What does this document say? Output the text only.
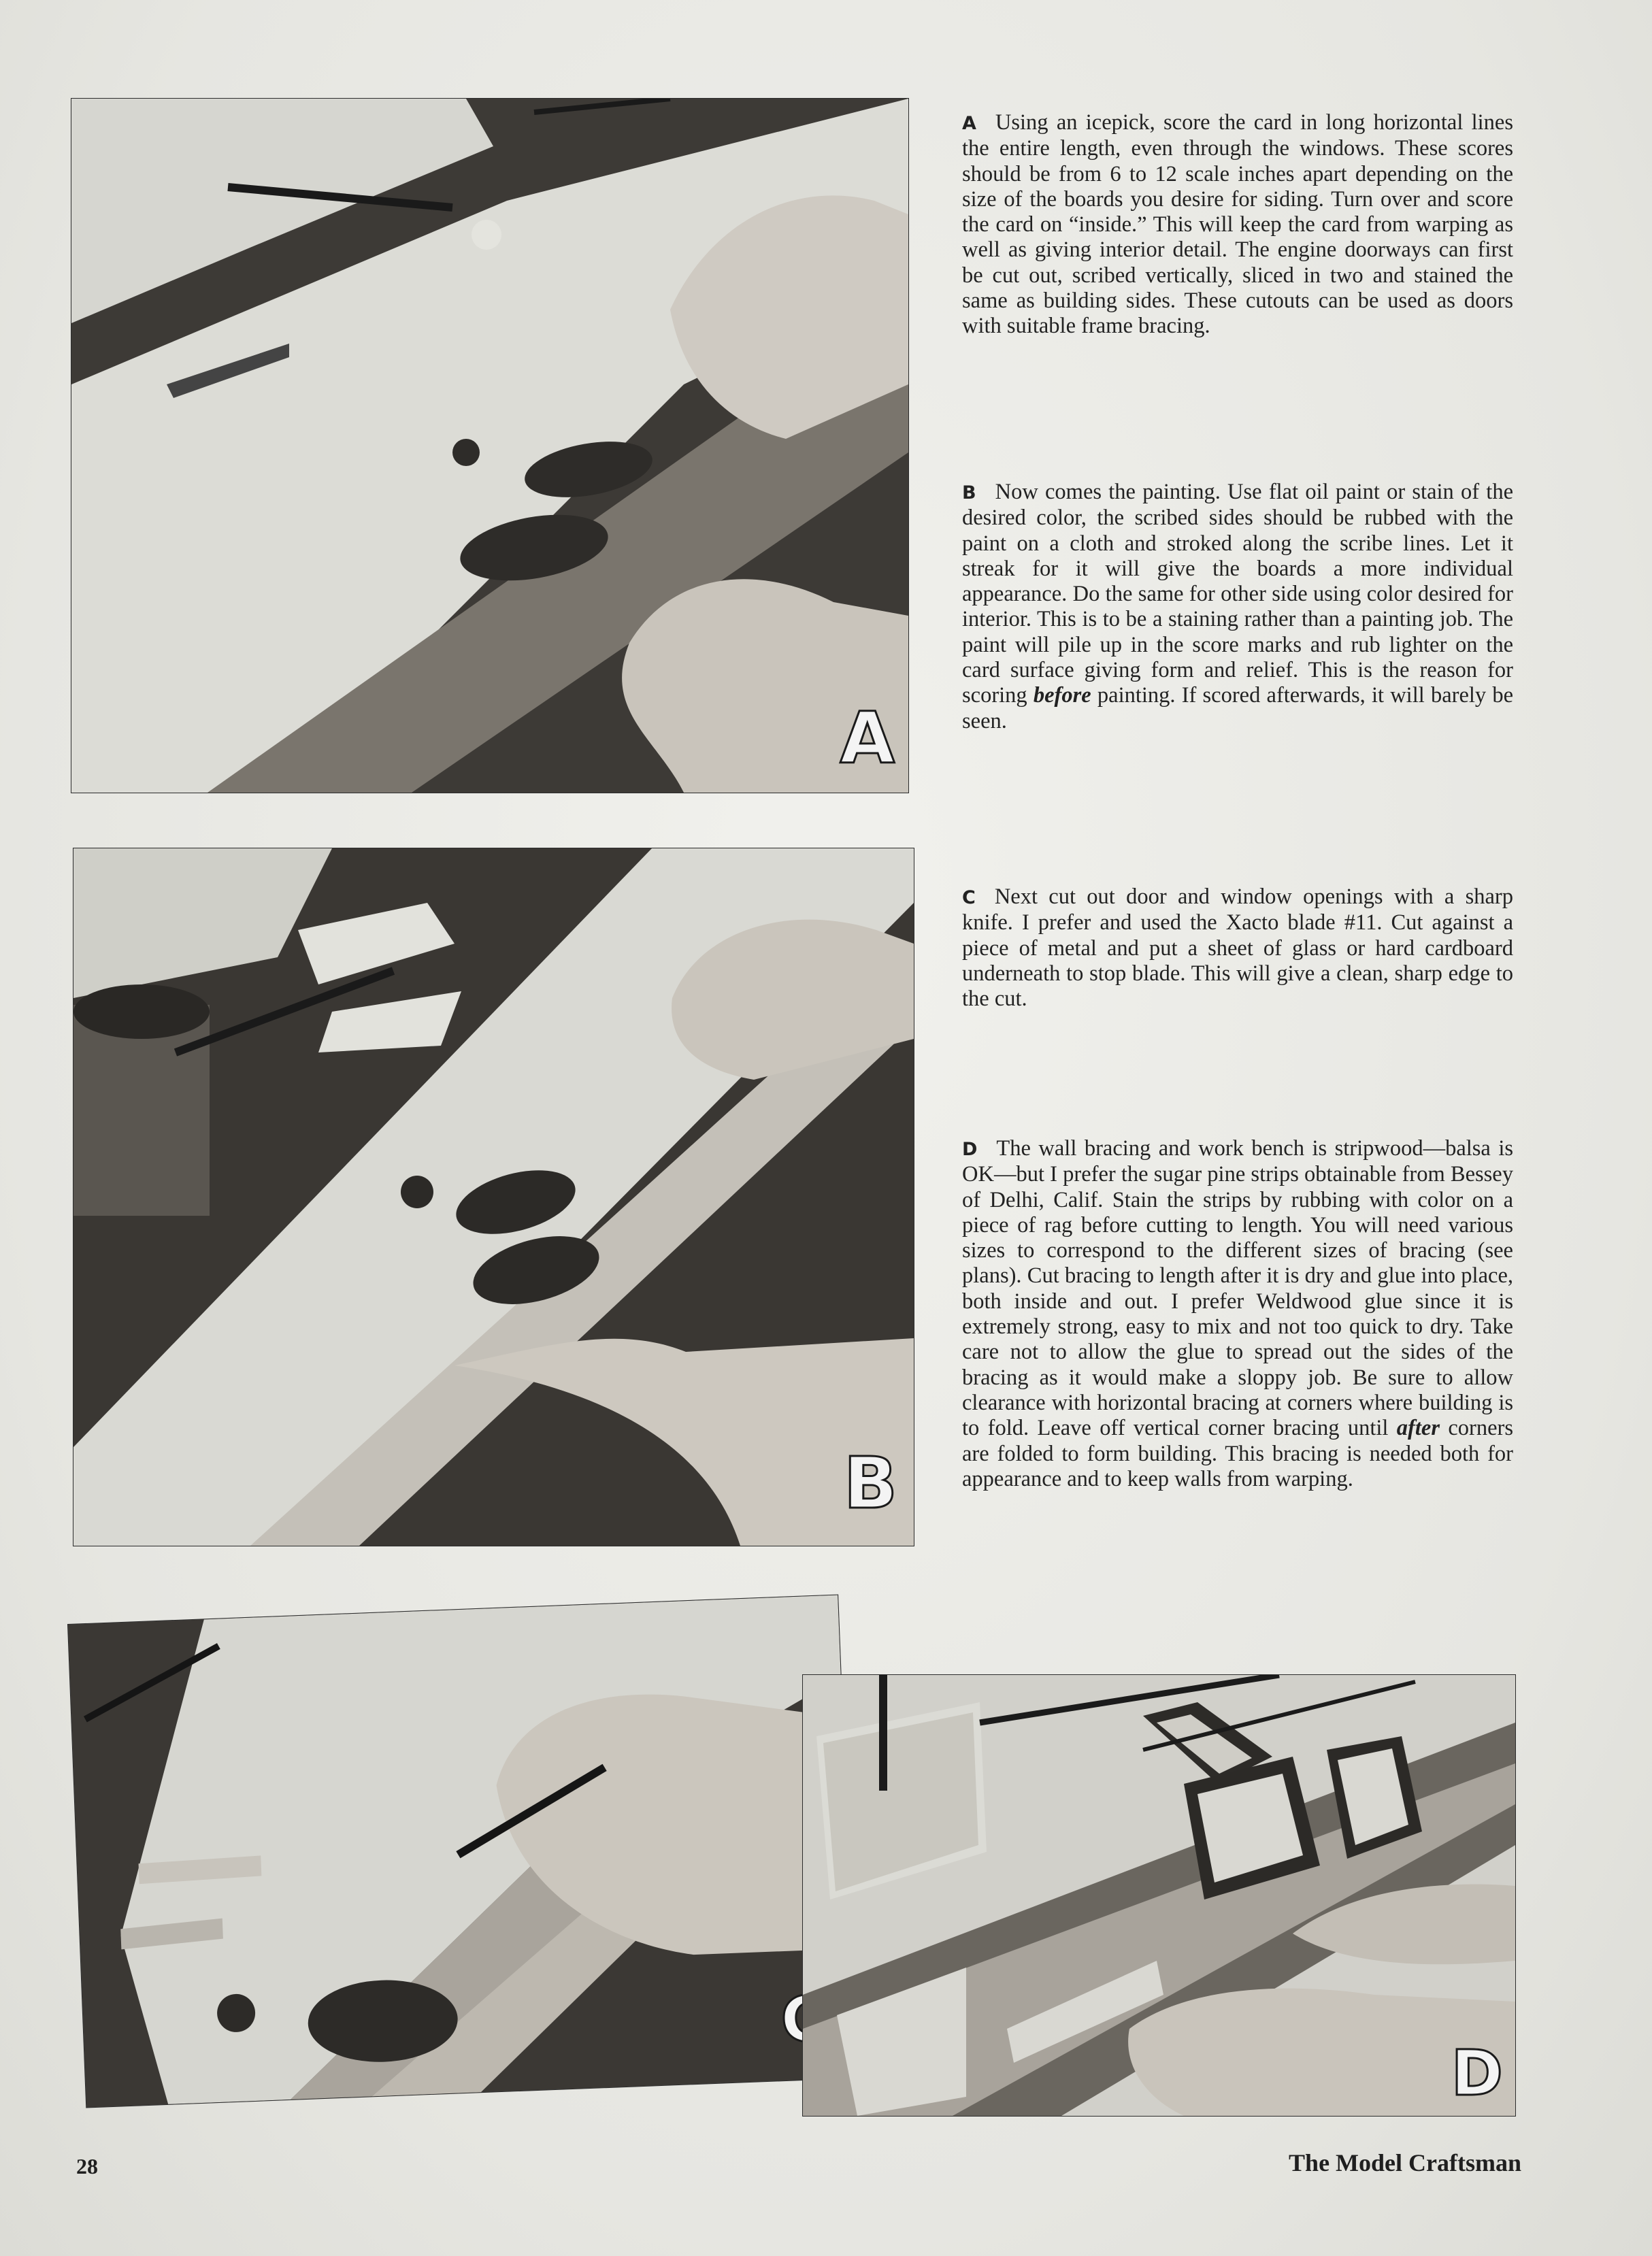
A
B
D
A Using an icepick, score the card in long horizontal lines the entire length, even through the windows. These scores should be from 6 to 12 scale inches apart depending on the size of the boards you desire for siding. Turn over and score the card on “inside.” This will keep the card from warping as well as giving interior detail. The engine doorways can first be cut out, scribed vertically, sliced in two and stained the same as building sides. These cutouts can be used as doors with suitable frame bracing.
B Now comes the painting. Use flat oil paint or stain of the desired color, the scribed sides should be rubbed with the paint on a cloth and stroked along the scribe lines. Let it streak for it will give the boards a more individual appearance. Do the same for other side using color desired for interior. This is to be a staining rather than a painting job. The paint will pile up in the score marks and rub lighter on the card surface giving form and relief. This is the reason for scoring before painting. If scored afterwards, it will barely be seen.
C Next cut out door and window openings with a sharp knife. I prefer and used the Xacto blade #11. Cut against a piece of metal and put a sheet of glass or hard cardboard underneath to stop blade. This will give a clean, sharp edge to the cut.
D The wall bracing and work bench is stripwood—balsa is OK—but I prefer the sugar pine strips obtainable from Bessey of Delhi, Calif. Stain the strips by rubbing with color on a piece of rag before cutting to length. You will need various sizes to correspond to the different sizes of bracing (see plans). Cut bracing to length after it is dry and glue into place, both inside and out. I prefer Weldwood glue since it is extremely strong, easy to mix and not too quick to dry. Take care not to allow the glue to spread out the sides of the bracing as it would make a sloppy job. Be sure to allow clearance with horizontal bracing at corners where building is to fold. Leave off vertical corner bracing until after corners are folded to form building. This bracing is needed both for appearance and to keep walls from warping.
28	The Model Craftsman
